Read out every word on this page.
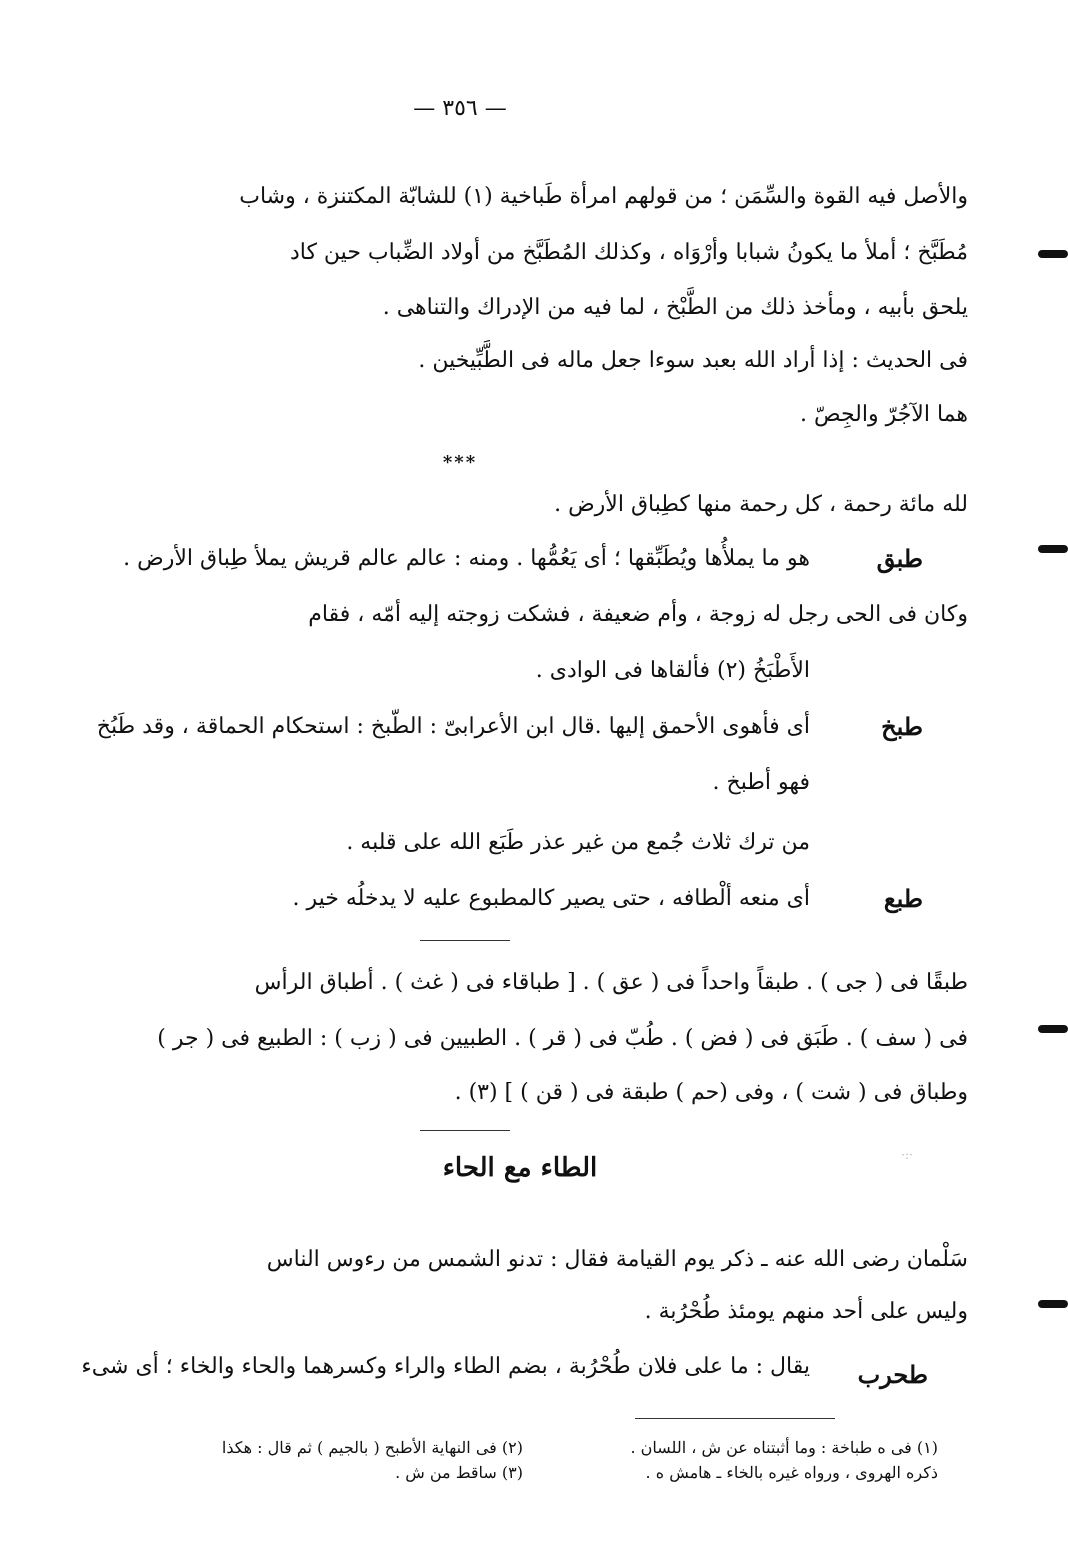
— ٣٥٦ —
والأصل فيه القوة والسِّمَن ؛ من قولهم امرأة طَباخية (١) للشابّة المكتنزة ، وشاب
مُطَبَّخ ؛ أملأ ما يكونُ شبابا وأرْوَاه ، وكذلك المُطَبَّخ من أولاد الضِّباب حين كاد
يلحق بأبيه ، ومأخذ ذلك من الطَّبْخ ، لما فيه من الإدراك والتناهى .
فى الحديث : إذا أراد الله بعبد سوءا جعل ماله فى الطَّبِّيخين .
هما الآجُرّ والجِصّ .
***
لله مائة رحمة ، كل رحمة منها كطِباق الأرض .
طبق
هو ما يملأُها ويُطَبِّقها ؛ أى يَعُمُّها . ومنه : عالم عالم قريش يملأ طِباق الأرض .
وكان فى الحى رجل له زوجة ، وأم ضعيفة ، فشكت زوجته إليه أمّه ، فقام
الأَطْبَخُ (٢) فألقاها فى الوادى .
طبخ
أى فأهوى الأحمق إليها .قال ابن الأعرابىّ : الطّبخ : استحكام الحماقة ، وقد طَبُخ
فهو أطبخ .
من ترك ثلاث جُمع من غير عذر طَبَع الله على قلبه .
طبع
أى منعه ألْطافه ، حتى يصير كالمطبوع عليه لا يدخلُه خير .
طبقًا فى ( جى ) . طبقاً واحداً فى ( عق ) . [ طباقاء فى ( غث ) . أطباق الرأس
فى ( سف ) . طَبَق فى ( فض ) . طُبّ فى ( قر ) . الطبيين فى ( زب ) : الطبيع فى ( جر )
وطباق فى ( شت ) ، وفى (حم ) طبقة فى ( قن ) ] (٣) .
الطاء مع الحاء	·:·
سَلْمان رضى الله عنه ـ ذكر يوم القيامة فقال : تدنو الشمس من رءوس الناس
وليس على أحد منهم يومئذ طُحْرُبة .
طحرب
يقال : ما على فلان طُحْرُبة ، بضم الطاء والراء وكسرهما والحاء والخاء ؛ أى شىء
(١) فى ه طباخة : وما أثبتناه عن ش ، اللسان .
(٢) فى النهاية الأطبح ( بالجيم ) ثم قال : هكذا
ذكره الهروى ، ورواه غيره بالخاء ـ هامش ه .
(٣) ساقط من ش .
